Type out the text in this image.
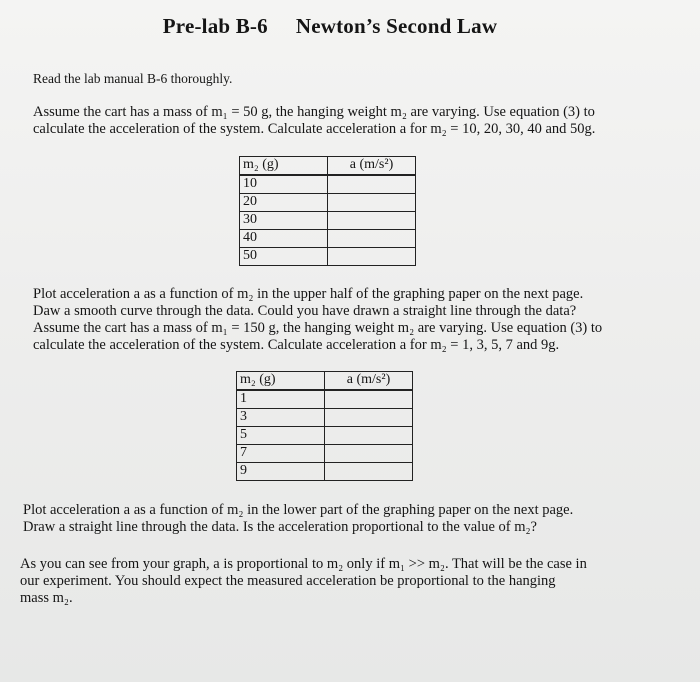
Pre-lab B-6 Newton’s Second Law
Read the lab manual B-6 thoroughly.
Assume the cart has a mass of m₁ = 50 g, the hanging weight m₂ are varying. Use equation (3) to
calculate the acceleration of the system. Calculate acceleration a for m₂ = 10, 20, 30, 40 and 50g.
m₂ (g)	a (m/s²)
10	
20	
30	
40	
50	
Plot acceleration a as a function of m₂ in the upper half of the graphing paper on the next page.
Daw a smooth curve through the data. Could you have drawn a straight line through the data?
Assume the cart has a mass of m₁ = 150 g, the hanging weight m₂ are varying. Use equation (3) to
calculate the acceleration of the system. Calculate acceleration a for m₂ = 1, 3, 5, 7 and 9g.
m₂ (g)	a (m/s²)
1	
3	
5	
7	
9	
Plot acceleration a as a function of m₂ in the lower part of the graphing paper on the next page.
Draw a straight line through the data. Is the acceleration proportional to the value of m₂?
As you can see from your graph, a is proportional to m₂ only if m₁ >> m₂. That will be the case in
our experiment. You should expect the measured acceleration be proportional to the hanging
mass m₂.
